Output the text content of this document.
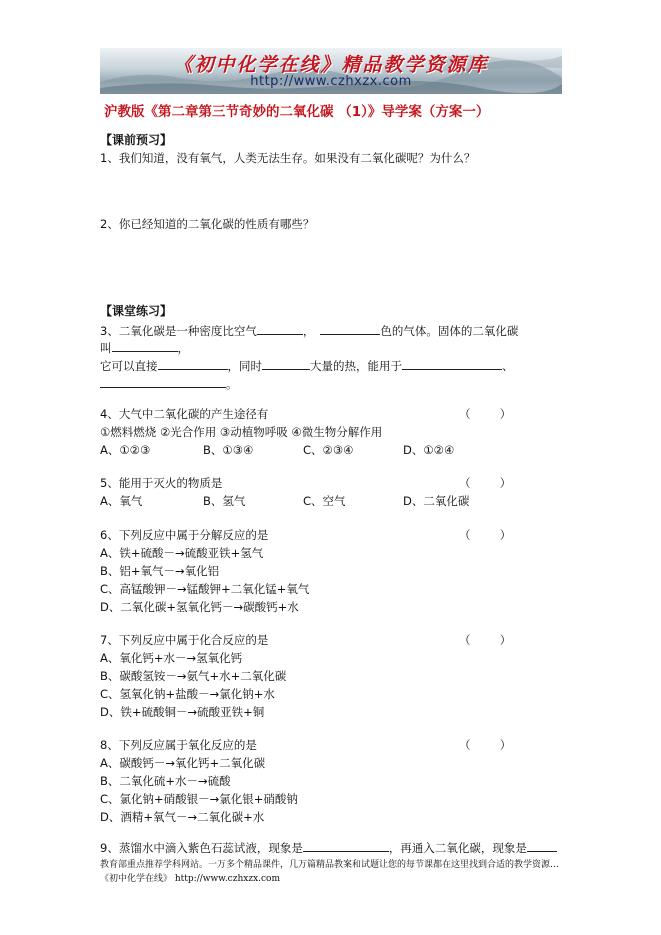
《初中化学在线》精品教学资源库
http://www.czhxzx.com
沪教版《第二章第三节奇妙的二氧化碳 （1）》导学案（方案一）
【课前预习】
1、我们知道，没有氧气，人类无法生存。如果没有二氧化碳呢？为什么？
2、你已经知道的二氧化碳的性质有哪些？
【课堂练习】
3、二氧化碳是一种密度比空气	，	色的气体。固体的二氧化碳
叫	，
它可以直接	，同时	大量的热，能用于	、
。
4、大气中二氧化碳的产生途径有	（        ）
①燃料燃烧 ②光合作用 ③动植物呼吸 ④微生物分解作用
A、①②③	B、①③④	C、②③④	D、①②④
5、能用于灭火的物质是	（        ）
A、氧气	B、氢气	C、空气	D、二氧化碳
6、下列反应中属于分解反应的是	（        ）
A、铁+硫酸－→硫酸亚铁+氢气
B、铝+氧气－→氧化铝
C、高锰酸钾－→锰酸钾+二氧化锰+氧气
D、二氧化碳+氢氧化钙－→碳酸钙+水
7、下列反应中属于化合反应的是	（        ）
A、氧化钙+水－→氢氧化钙
B、碳酸氢铵－→氨气+水+二氧化碳
C、氢氧化钠+盐酸－→氯化钠+水
D、铁+硫酸铜－→硫酸亚铁+铜
8、下列反应属于氧化反应的是	（        ）
A、碳酸钙－→氧化钙+二氧化碳
B、二氧化硫+水－→硫酸
C、氯化钠+硝酸银－→氯化银+硝酸钠
D、酒精+氧气－→二氧化碳+水
9、蒸馏水中滴入紫色石蕊试液，现象是	，再通入二氧化碳，现象是
教育部重点推荐学科网站。一万多个精品课件，几万篇精品教案和试题让您的每节课都在这里找到合适的教学资源…《初中化学在线》 http://www.czhxzx.com
